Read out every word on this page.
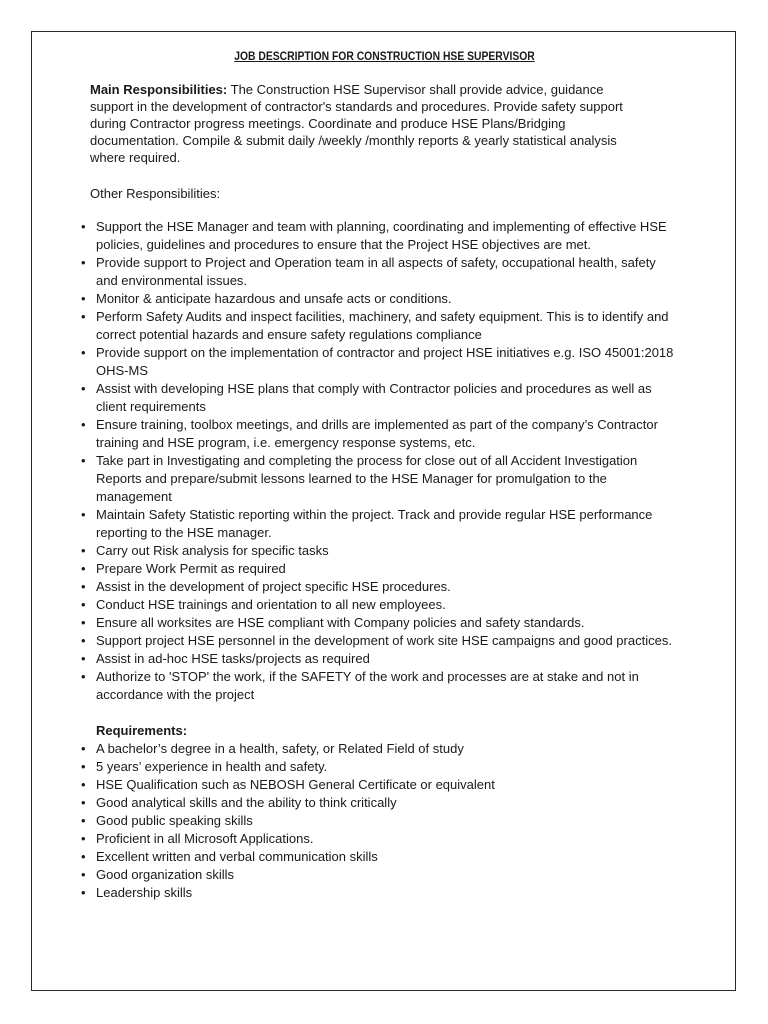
JOB DESCRIPTION FOR CONSTRUCTION HSE SUPERVISOR

Main Responsibilities: The Construction HSE Supervisor shall provide advice, guidance support in the development of contractor's standards and procedures. Provide safety support during Contractor progress meetings. Coordinate and produce HSE Plans/Bridging documentation. Compile & submit daily /weekly /monthly reports & yearly statistical analysis where required.

Other Responsibilities:

• Support the HSE Manager and team with planning, coordinating and implementing of effective HSE policies, guidelines and procedures to ensure that the Project HSE objectives are met.
• Provide support to Project and Operation team in all aspects of safety, occupational health, safety and environmental issues.
• Monitor & anticipate hazardous and unsafe acts or conditions.
• Perform Safety Audits and inspect facilities, machinery, and safety equipment. This is to identify and correct potential hazards and ensure safety regulations compliance
• Provide support on the implementation of contractor and project HSE initiatives e.g. ISO 45001:2018 OHS-MS
• Assist with developing HSE plans that comply with Contractor policies and procedures as well as client requirements
• Ensure training, toolbox meetings, and drills are implemented as part of the company’s Contractor training and HSE program, i.e. emergency response systems, etc.
• Take part in Investigating and completing the process for close out of all Accident Investigation Reports and prepare/submit lessons learned to the HSE Manager for promulgation to the management
• Maintain Safety Statistic reporting within the project. Track and provide regular HSE performance reporting to the HSE manager.
• Carry out Risk analysis for specific tasks
• Prepare Work Permit as required
• Assist in the development of project specific HSE procedures.
• Conduct HSE trainings and orientation to all new employees.
• Ensure all worksites are HSE compliant with Company policies and safety standards.
• Support project HSE personnel in the development of work site HSE campaigns and good practices.
• Assist in ad-hoc HSE tasks/projects as required
• Authorize to 'STOP' the work, if the SAFETY of the work and processes are at stake and not in accordance with the project
Requirements:
• A bachelor’s degree in a health, safety, or Related Field of study
• 5 years’ experience in health and safety.
• HSE Qualification such as NEBOSH General Certificate or equivalent
• Good analytical skills and the ability to think critically
• Good public speaking skills
• Proficient in all Microsoft Applications.
• Excellent written and verbal communication skills
• Good organization skills
• Leadership skills
